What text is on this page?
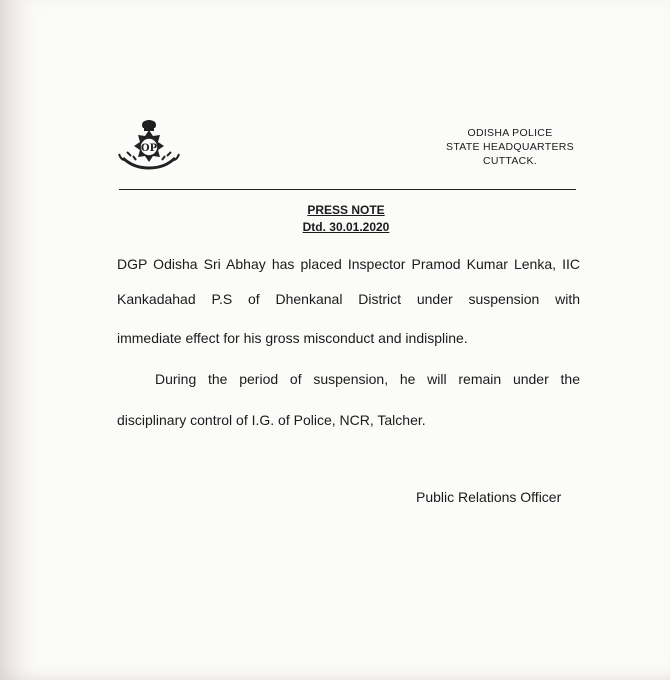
OP
ODISHA POLICE
STATE HEADQUARTERS
CUTTACK.
PRESS NOTE
Dtd. 30.01.2020
DGP Odisha Sri Abhay has placed Inspector Pramod Kumar Lenka, IIC
Kankadahad P.S of Dhenkanal District under suspension with
immediate effect for his gross misconduct and indispline.
During the period of suspension, he will remain under the
disciplinary control of I.G. of Police, NCR, Talcher.
Public Relations Officer
